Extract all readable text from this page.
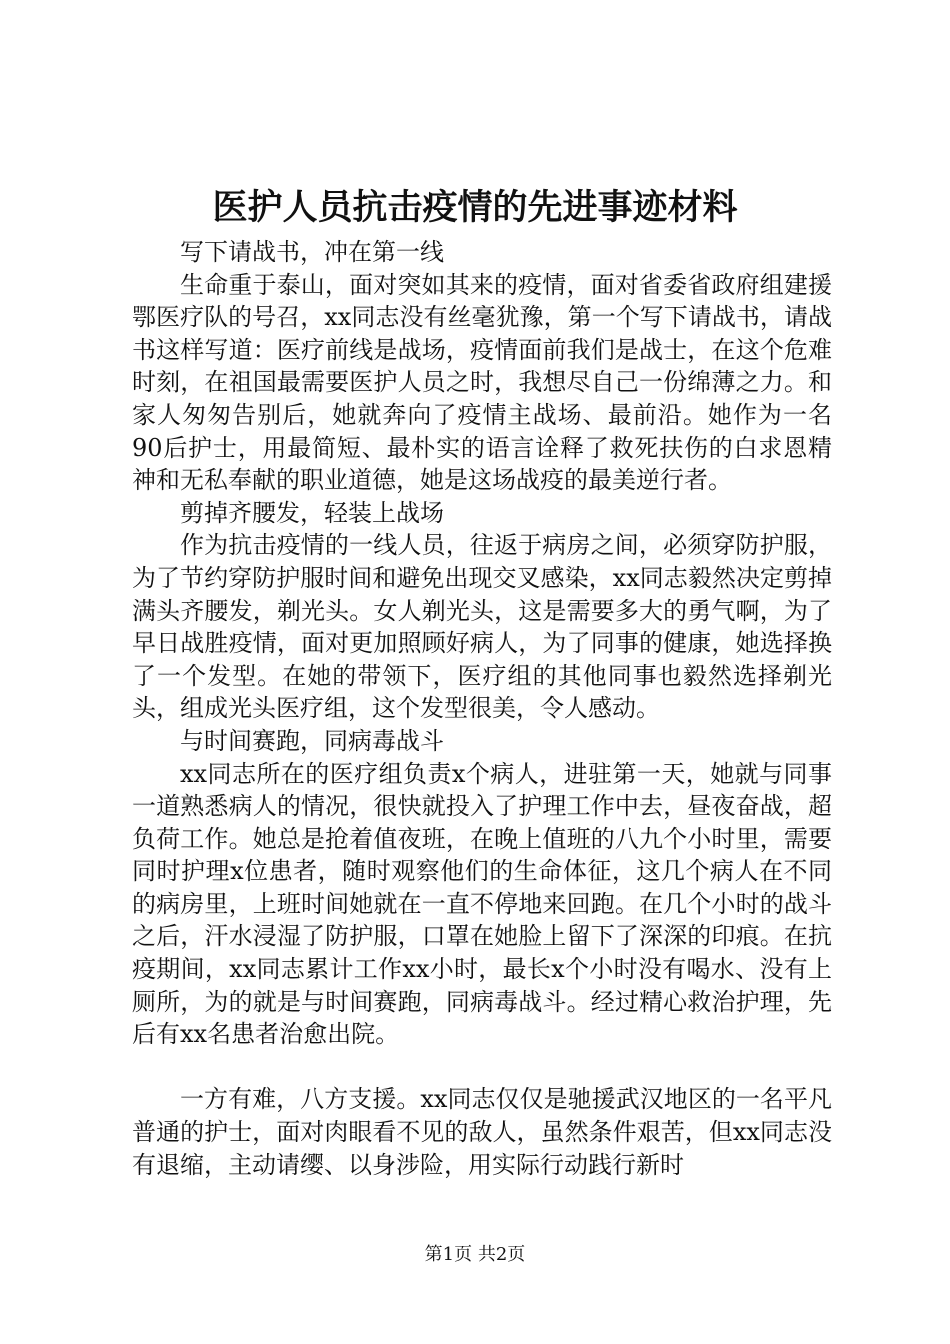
医护人员抗击疫情的先进事迹材料

写下请战书，冲在第一线

生命重于泰山，面对突如其来的疫情，面对省委省政府组建援鄂医疗队的号召，xx同志没有丝毫犹豫，第一个写下请战书，请战书这样写道：医疗前线是战场，疫情面前我们是战士，在这个危难时刻，在祖国最需要医护人员之时，我想尽自己一份绵薄之力。和家人匆匆告别后，她就奔向了疫情主战场、最前沿。她作为一名90后护士，用最简短、最朴实的语言诠释了救死扶伤的白求恩精神和无私奉献的职业道德，她是这场战疫的最美逆行者。

剪掉齐腰发，轻装上战场

作为抗击疫情的一线人员，往返于病房之间，必须穿防护服，为了节约穿防护服时间和避免出现交叉感染，xx同志毅然决定剪掉满头齐腰发，剃光头。女人剃光头，这是需要多大的勇气啊，为了早日战胜疫情，面对更加照顾好病人，为了同事的健康，她选择换了一个发型。在她的带领下，医疗组的其他同事也毅然选择剃光头，组成光头医疗组，这个发型很美，令人感动。

与时间赛跑，同病毒战斗

xx同志所在的医疗组负责x个病人，进驻第一天，她就与同事一道熟悉病人的情况，很快就投入了护理工作中去，昼夜奋战，超负荷工作。她总是抢着值夜班，在晚上值班的八九个小时里，需要同时护理x位患者，随时观察他们的生命体征，这几个病人在不同的病房里，上班时间她就在一直不停地来回跑。在几个小时的战斗之后，汗水浸湿了防护服，口罩在她脸上留下了深深的印痕。在抗疫期间，xx同志累计工作xx小时，最长x个小时没有喝水、没有上厕所，为的就是与时间赛跑，同病毒战斗。经过精心救治护理，先后有xx名患者治愈出院。

一方有难，八方支援。xx同志仅仅是驰援武汉地区的一名平凡普通的护士，面对肉眼看不见的敌人，虽然条件艰苦，但xx同志没有退缩，主动请缨、以身涉险，用实际行动践行新时

第1页 共2页
